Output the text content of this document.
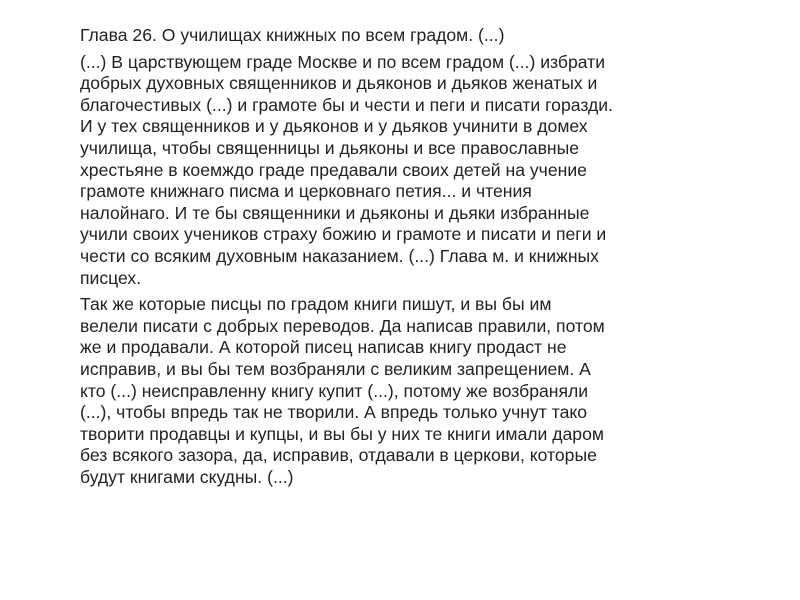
Глава 26. О училищах книжных по всем градом. (...)
(...) В царствующем граде Москве и по всем градом (...) избрати
добрых духовных священников и дьяконов и дьяков женатых и
благочестивых (...) и грамоте бы и чести и пеги и писати горазди.
И у тех священников и у дьяконов и у дьяков учинити в домех
училища, чтобы священницы и дьяконы и все православные
хрестьяне в коемждо граде предавали своих детей на учение
грамоте книжнаго писма и церковнаго петия... и чтения
налойнаго. И те бы священники и дьяконы и дьяки избранные
учили своих учеников страху божию и грамоте и писати и пеги и
чести со всяким духовным наказанием. (...) Глава м. и книжных
писцех.
Так же которые писцы по градом книги пишут, и вы бы им
велели писати с добрых переводов. Да написав правили, потом
же и продавали. А которой писец написав книгу продаст не
исправив, и вы бы тем возбраняли с великим запрещением. А
кто (...) неисправленну книгу купит (...), потому же возбраняли
(...), чтобы впредь так не творили. А впредь только учнут тако
творити продавцы и купцы, и вы бы у них те книги имали даром
без всякого зазора, да, исправив, отдавали в церкови, которые
будут книгами скудны. (...)
